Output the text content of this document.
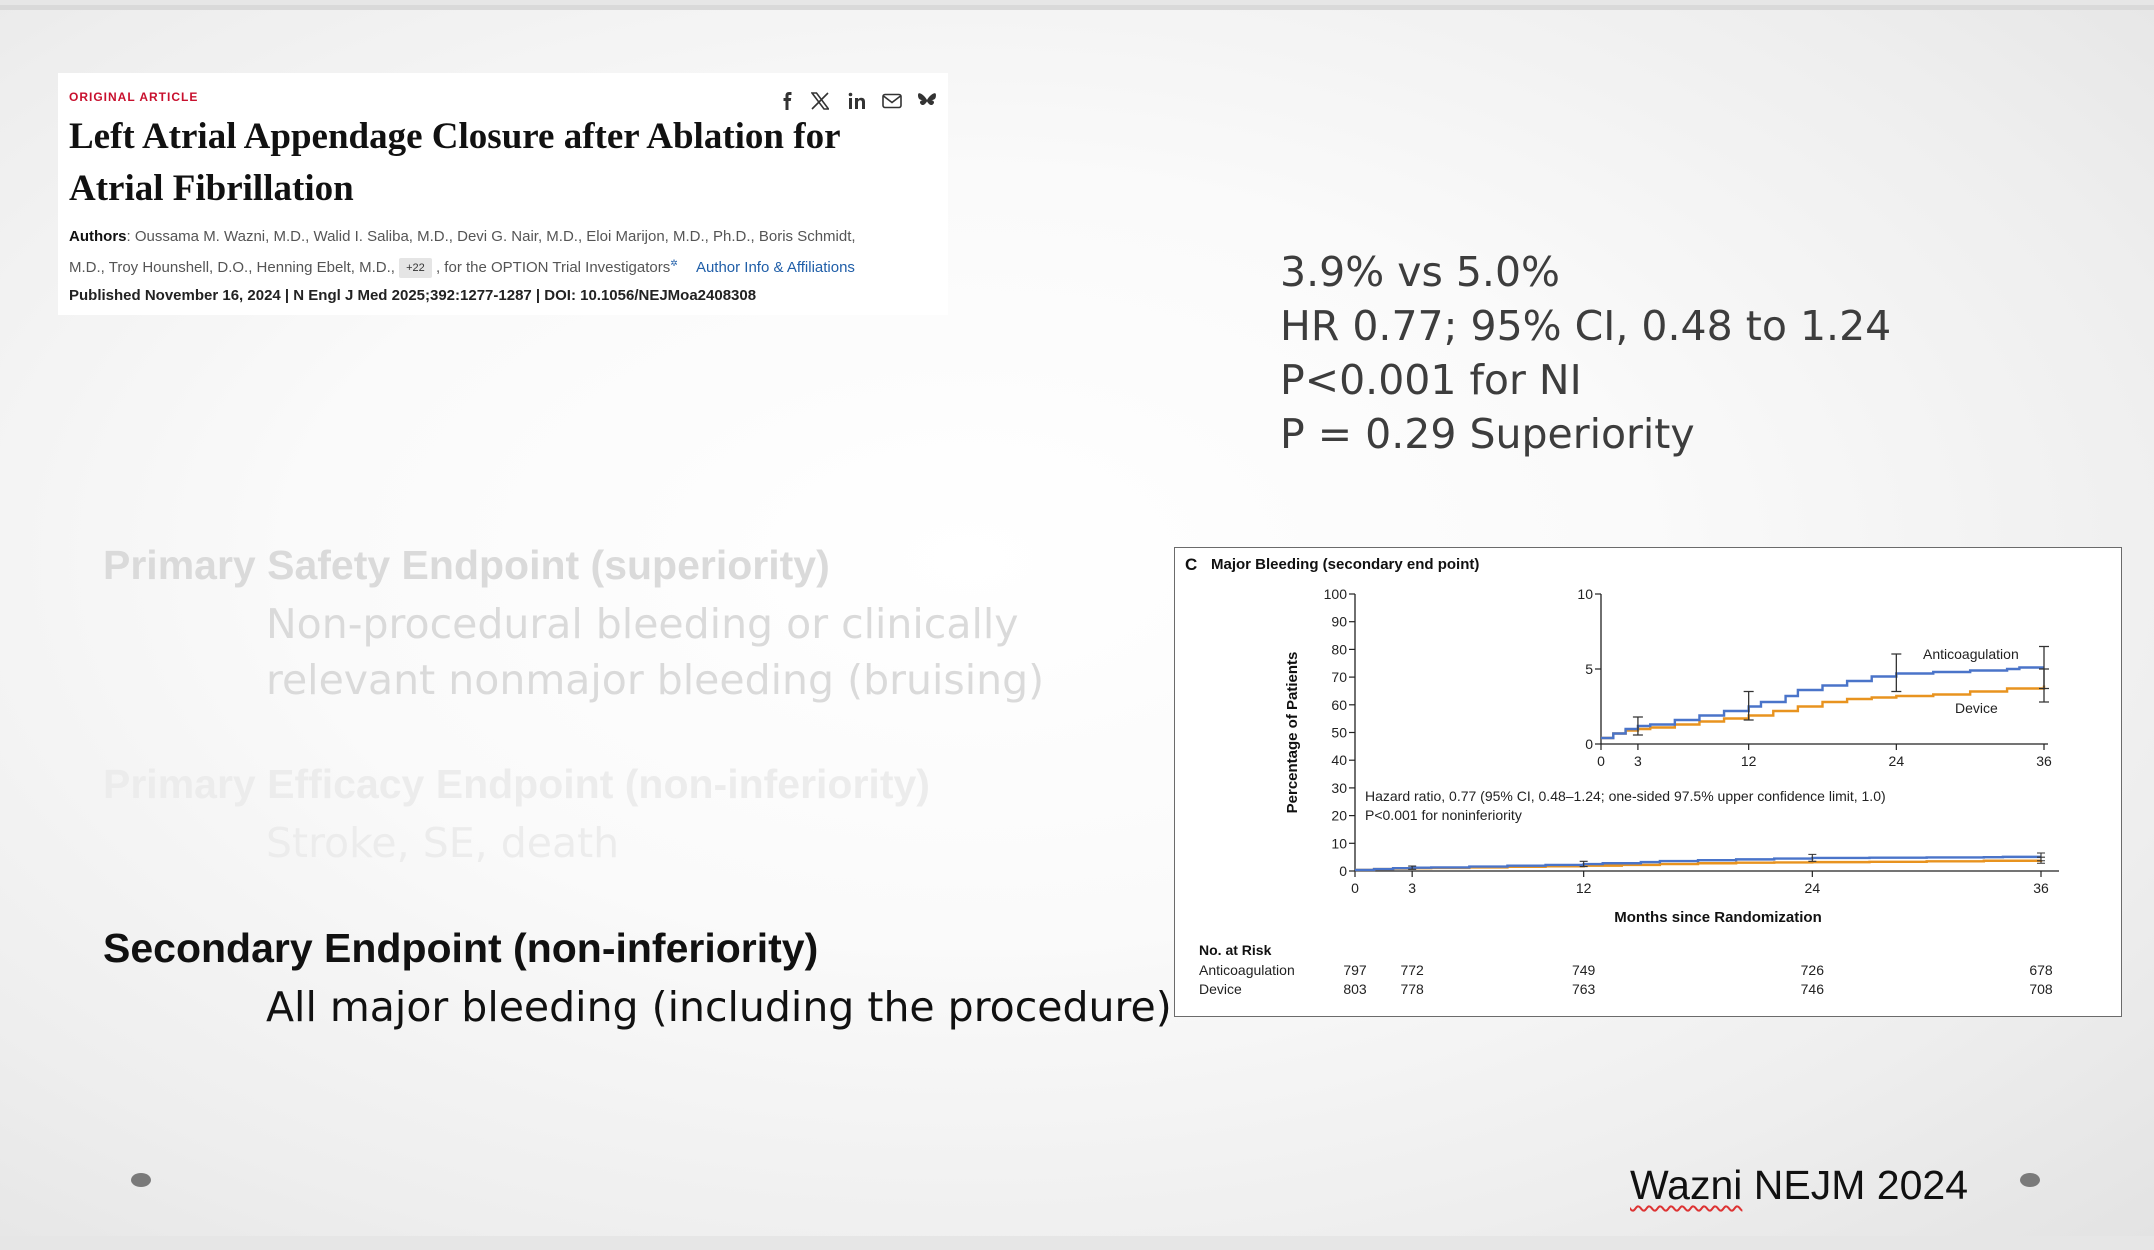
ORIGINAL ARTICLE
Left Atrial Appendage Closure after Ablation for Atrial Fibrillation
Authors: Oussama M. Wazni, M.D., Walid I. Saliba, M.D., Devi G. Nair, M.D., Eloi Marijon, M.D., Ph.D., Boris Schmidt,
M.D., Troy Hounshell, D.O., Henning Ebelt, M.D., +22 , for the OPTION Trial Investigators✲ Author Info & Affiliations
Published November 16, 2024 | N Engl J Med 2025;392:1277-1287 | DOI: 10.1056/NEJMoa2408308	3.9% vs 5.0%
HR 0.77; 95% CI, 0.48 to 1.24
P<0.001 for NI
P = 0.29 Superiority
Primary Safety Endpoint (superiority)
Non-procedural bleeding or clinically
relevant nonmajor bleeding (bruising)
Primary Efficacy Endpoint (non-inferiority)
Stroke, SE, death
Secondary Endpoint (non-inferiority)
All major bleeding (including the procedure)
C Major Bleeding (secondary end point)
0
10
20
30
40
50
60
70
80
90
100
0	3	12	24	36
Percentage of Patients
Months since Randomization
Hazard ratio, 0.77 (95% CI, 0.48–1.24; one-sided 97.5% upper confidence limit, 1.0)
P<0.001 for noninferiority
0
5
10
0 3	12	24	36
Anticoagulation
Device
No. at Risk
Anticoagulation	797 772	749	726	678
Device	803 778	763	746	708
Wazni NEJM 2024
